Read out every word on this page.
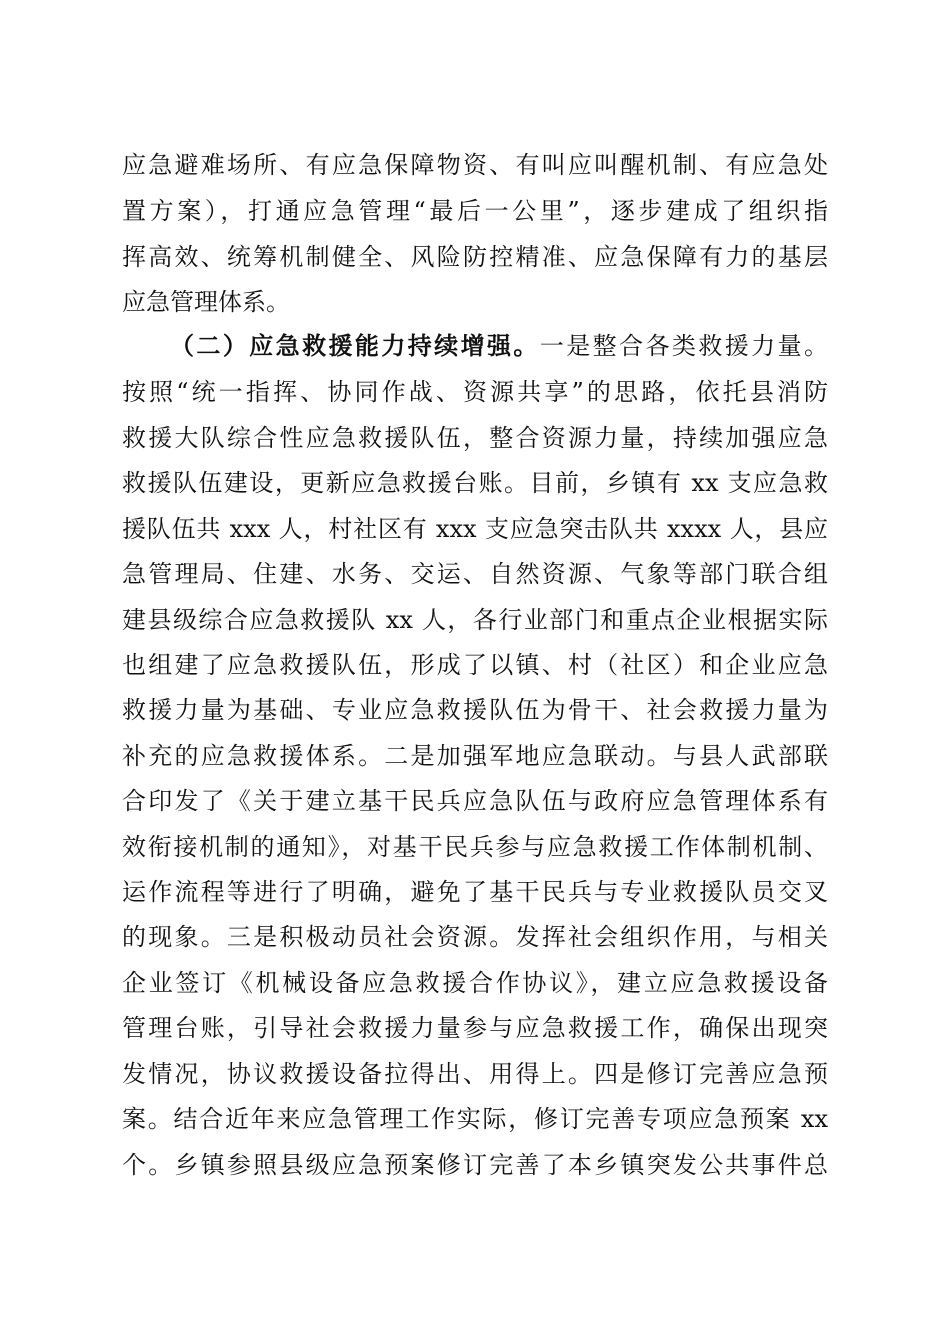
应急避难场所、有应急保障物资、有叫应叫醒机制、有应急处
置方案），打通应急管理“最后一公里”，逐步建成了组织指
挥高效、统筹机制健全、风险防控精准、应急保障有力的基层
应急管理体系。
（二）应急救援能力持续增强。一是整合各类救援力量。
按照“统一指挥、协同作战、资源共享”的思路，依托县消防
救援大队综合性应急救援队伍，整合资源力量，持续加强应急
救援队伍建设，更新应急救援台账。目前，乡镇有 xx 支应急救
援队伍共 xxx 人，村社区有 xxx 支应急突击队共 xxxx 人，县应
急管理局、住建、水务、交运、自然资源、气象等部门联合组
建县级综合应急救援队 xx 人，各行业部门和重点企业根据实际
也组建了应急救援队伍，形成了以镇、村（社区）和企业应急
救援力量为基础、专业应急救援队伍为骨干、社会救援力量为
补充的应急救援体系。二是加强军地应急联动。与县人武部联
合印发了《关于建立基干民兵应急队伍与政府应急管理体系有
效衔接机制的通知》，对基干民兵参与应急救援工作体制机制、
运作流程等进行了明确，避免了基干民兵与专业救援队员交叉
的现象。三是积极动员社会资源。发挥社会组织作用，与相关
企业签订《机械设备应急救援合作协议》，建立应急救援设备
管理台账，引导社会救援力量参与应急救援工作，确保出现突
发情况，协议救援设备拉得出、用得上。四是修订完善应急预
案。结合近年来应急管理工作实际，修订完善专项应急预案 xx
个。乡镇参照县级应急预案修订完善了本乡镇突发公共事件总
